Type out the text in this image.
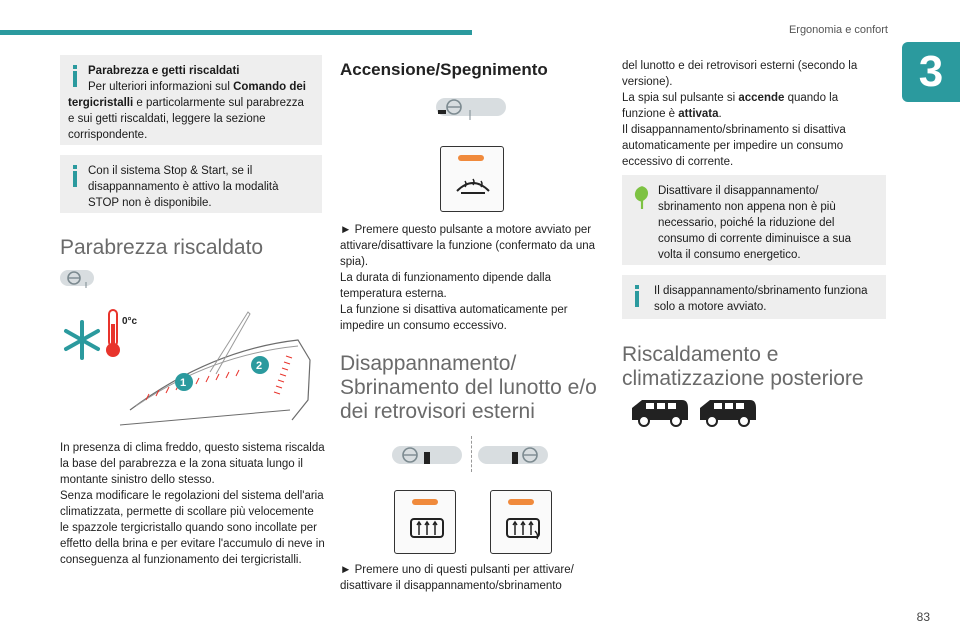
Ergonomia e confort
3
Parabrezza e getti riscaldati
Per ulteriori informazioni sul Comando dei tergicristalli e particolarmente sul parabrezza e sui getti riscaldati, leggere la sezione corrispondente.
Con il sistema Stop & Start, se il disappannamento è attivo la modalità STOP non è disponibile.
Parabrezza riscaldato
0°c
1
2
In presenza di clima freddo, questo sistema riscalda la base del parabrezza e la zona situata lungo il montante sinistro dello stesso.
Senza modificare le regolazioni del sistema dell'aria climatizzata, permette di scollare più velocemente le spazzole tergicristallo quando sono incollate per effetto della brina e per evitare l'accumulo di neve in conseguenza al funzionamento dei tergicristalli.
Accensione/Spegnimento
► Premere questo pulsante a motore avviato per attivare/disattivare la funzione (confermato da una spia).
La durata di funzionamento dipende dalla temperatura esterna.
La funzione si disattiva automaticamente per impedire un consumo eccessivo.
Disappannamento/ Sbrinamento del lunotto e/o dei retrovisori esterni
► Premere uno di questi pulsanti per attivare/ disattivare il disappannamento/sbrinamento
del lunotto e dei retrovisori esterni (secondo la versione).
La spia sul pulsante si accende quando la funzione è attivata.
Il disappannamento/sbrinamento si disattiva automaticamente per impedire un consumo eccessivo di corrente.
Disattivare il disappannamento/ sbrinamento non appena non è più necessario, poiché la riduzione del consumo di corrente diminuisce a sua volta il consumo energetico.
Il disappannamento/sbrinamento funziona solo a motore avviato.
Riscaldamento e climatizzazione posteriore
83
